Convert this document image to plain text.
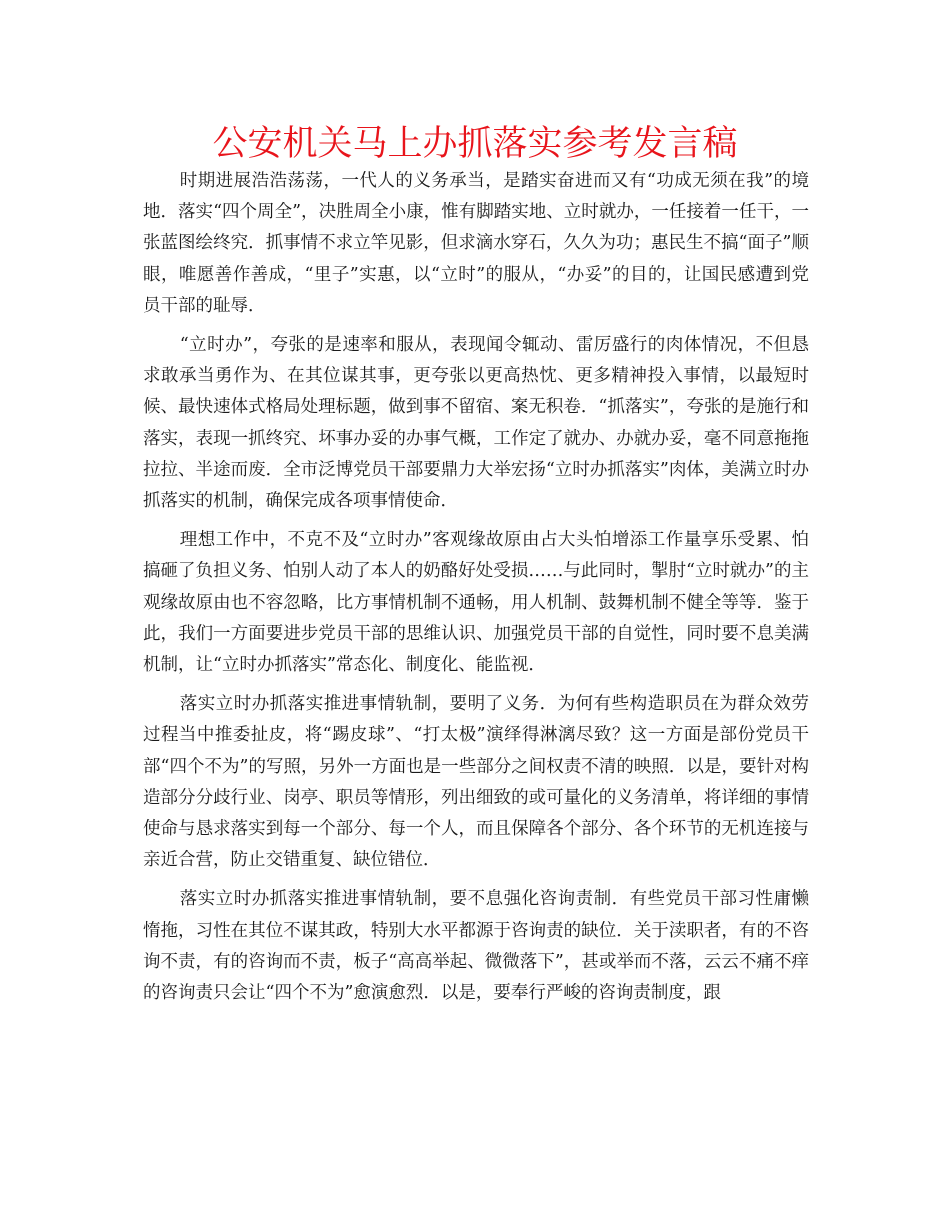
公安机关马上办抓落实参考发言稿

时期进展浩浩荡荡，一代人的义务承当，是踏实奋进而又有“功成无须在我”的境地．落实“四个周全”，决胜周全小康，惟有脚踏实地、立时就办，一任接着一任干，一张蓝图绘终究．抓事情不求立竿见影，但求滴水穿石，久久为功；惠民生不搞“面子”顺眼，唯愿善作善成，“里子”实惠，以“立时”的服从，“办妥”的目的，让国民感遭到党员干部的耻辱．

“立时办”，夸张的是速率和服从，表现闻令辄动、雷厉盛行的肉体情况，不但恳求敢承当勇作为、在其位谋其事，更夸张以更高热忱、更多精神投入事情，以最短时候、最快速体式格局处理标题，做到事不留宿、案无积卷．“抓落实”，夸张的是施行和落实，表现一抓终究、坏事办妥的办事气概，工作定了就办、办就办妥，毫不同意拖拖拉拉、半途而废．全市泛博党员干部要鼎力大举宏扬“立时办抓落实”肉体，美满立时办抓落实的机制，确保完成各项事情使命．

理想工作中，不克不及“立时办”客观缘故原由占大头怕增添工作量享乐受累、怕搞砸了负担义务、怕别人动了本人的奶酪好处受损……与此同时，掣肘“立时就办”的主观缘故原由也不容忽略，比方事情机制不通畅，用人机制、鼓舞机制不健全等等．鉴于此，我们一方面要进步党员干部的思维认识、加强党员干部的自觉性，同时要不息美满机制，让“立时办抓落实”常态化、制度化、能监视．

落实立时办抓落实推进事情轨制，要明了义务．为何有些构造职员在为群众效劳过程当中推委扯皮，将“踢皮球”、“打太极”演绎得淋漓尽致？这一方面是部份党员干部“四个不为”的写照，另外一方面也是一些部分之间权责不清的映照．以是，要针对构造部分分歧行业、岗亭、职员等情形，列出细致的或可量化的义务清单，将详细的事情使命与恳求落实到每一个部分、每一个人，而且保障各个部分、各个环节的无机连接与亲近合营，防止交错重复、缺位错位．

落实立时办抓落实推进事情轨制，要不息强化咨询责制．有些党员干部习性庸懒惰拖，习性在其位不谋其政，特别大水平都源于咨询责的缺位．关于渎职者，有的不咨询不责，有的咨询而不责，板子“高高举起、微微落下”，甚或举而不落，云云不痛不痒的咨询责只会让“四个不为”愈演愈烈．以是，要奉行严峻的咨询责制度，跟
